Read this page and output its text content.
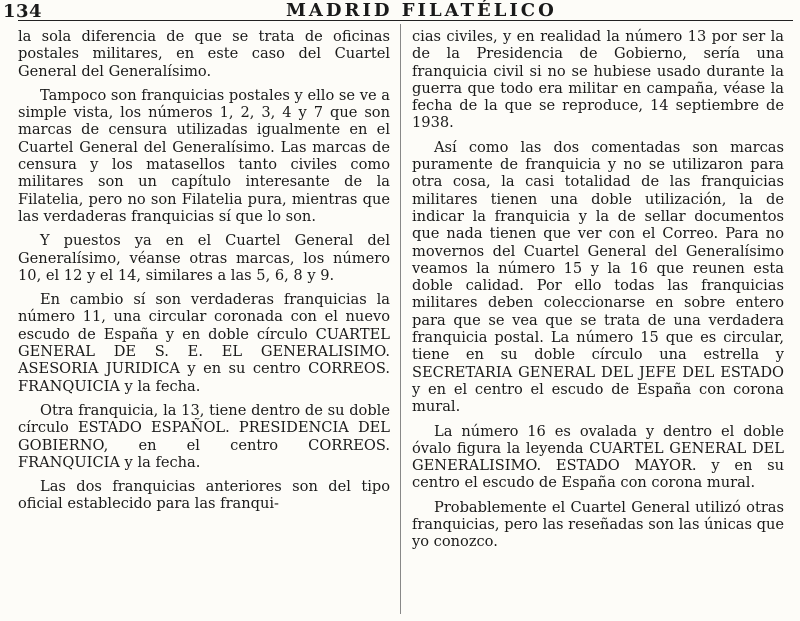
134	MADRID FILATÉLICO

la sola diferencia de que se trata de oficinas postales militares, en este caso del Cuartel General del Generalísimo.

Tampoco son franquicias postales y ello se ve a simple vista, los números 1, 2, 3, 4 y 7 que son marcas de censura utilizadas igualmente en el Cuartel General del Generalísimo. Las marcas de censura y los matasellos tanto civiles como militares son un capítulo interesante de la Filatelia, pero no son Filatelia pura, mientras que las verdaderas franquicias sí que lo son.

Y puestos ya en el Cuartel General del Generalísimo, véanse otras marcas, los número 10, el 12 y el 14, similares a las 5, 6, 8 y 9.

En cambio sí son verdaderas franquicias la número 11, una circular coronada con el nuevo escudo de España y en doble círculo CUARTEL GENERAL DE S. E. EL GENERALISIMO. ASESORIA JURIDICA y en su centro CORREOS. FRANQUICIA y la fecha.

Otra franquicia, la 13, tiene dentro de su doble círculo ESTADO ESPAÑOL. PRESIDENCIA DEL GOBIERNO, en el centro CORREOS. FRANQUICIA y la fecha.

Las dos franquicias anteriores son del tipo oficial establecido para las franqui-

cias civiles, y en realidad la número 13 por ser la de la Presidencia de Gobierno, sería una franquicia civil si no se hubiese usado durante la guerra que todo era militar en campaña, véase la fecha de la que se reproduce, 14 septiembre de 1938.

Así como las dos comentadas son marcas puramente de franquicia y no se utilizaron para otra cosa, la casi totalidad de las franquicias militares tienen una doble utilización, la de indicar la franquicia y la de sellar documentos que nada tienen que ver con el Correo. Para no movernos del Cuartel General del Generalísimo veamos la número 15 y la 16 que reunen esta doble calidad. Por ello todas las franquicias militares deben coleccionarse en sobre entero para que se vea que se trata de una verdadera franquicia postal. La número 15 que es circular, tiene en su doble círculo una estrella y SECRETARIA GENERAL DEL JEFE DEL ESTADO y en el centro el escudo de España con corona mural.

La número 16 es ovalada y dentro el doble óvalo figura la leyenda CUARTEL GENERAL DEL GENERALISIMO. ESTADO MAYOR. y en su centro el escudo de España con corona mural.

Probablemente el Cuartel General utilizó otras franquicias, pero las reseñadas son las únicas que yo conozco.
